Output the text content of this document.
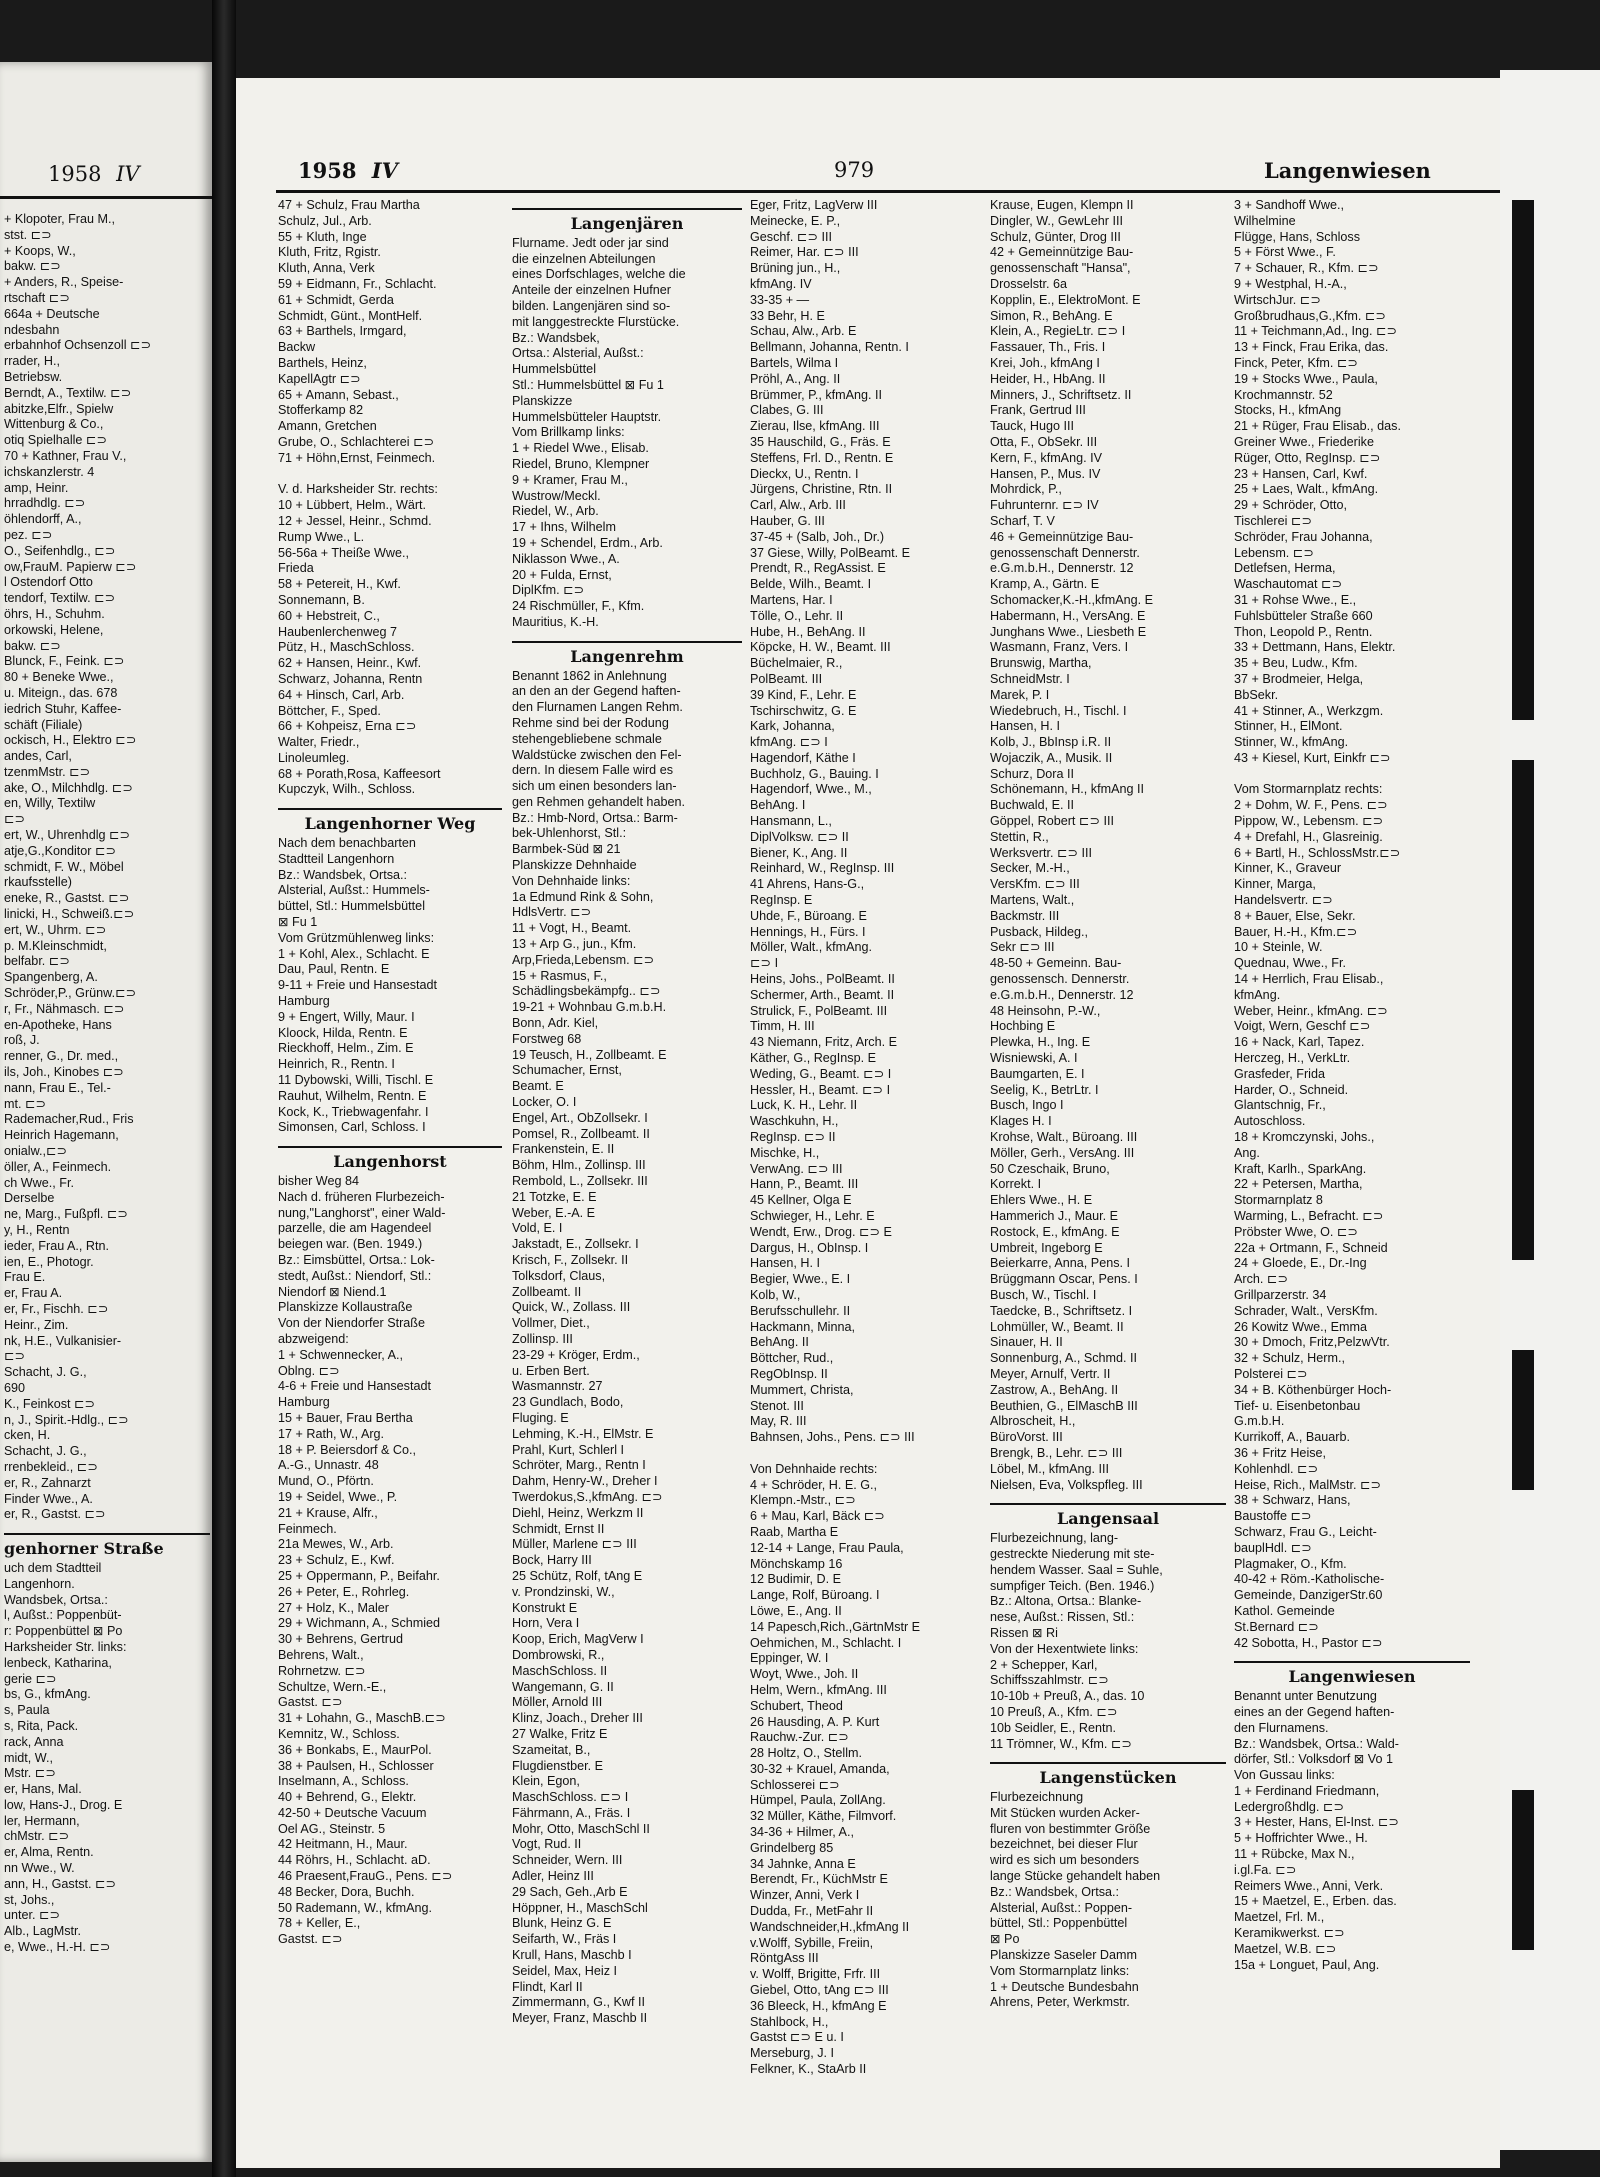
1958 IV
+ Klopoter, Frau M.,
stst. ⊏⊃
+ Koops, W.,
bakw. ⊏⊃
+ Anders, R., Speise-
rtschaft ⊏⊃
664a + Deutsche
ndesbahn
erbahnhof Ochsenzoll ⊏⊃
rrader, H.,
Betriebsw.
Berndt, A., Textilw. ⊏⊃
abitzke,Elfr., Spielw
Wittenburg & Co.,
otiq Spielhalle ⊏⊃
70 + Kathner, Frau V.,
ichskanzlerstr. 4
amp, Heinr.
hrradhdlg. ⊏⊃
öhlendorff, A.,
pez. ⊏⊃
O., Seifenhdlg., ⊏⊃
ow,FrauM. Papierw ⊏⊃
l Ostendorf Otto
tendorf, Textilw. ⊏⊃
öhrs, H., Schuhm.
orkowski, Helene,
bakw. ⊏⊃
Blunck, F., Feink. ⊏⊃
80 + Beneke Wwe.,
u. Miteign., das. 678
iedrich Stuhr, Kaffee-
schäft (Filiale)
ockisch, H., Elektro ⊏⊃
andes, Carl,
tzenmMstr. ⊏⊃
ake, O., Milchhdlg. ⊏⊃
en, Willy, Textilw
⊏⊃
ert, W., Uhrenhdlg ⊏⊃
atje,G.,Konditor ⊏⊃
schmidt, F. W., Möbel
rkaufsstelle)
eneke, R., Gastst. ⊏⊃
linicki, H., Schweiß.⊏⊃
ert, W., Uhrm. ⊏⊃
p. M.Kleinschmidt,
belfabr. ⊏⊃
Spangenberg, A.
Schröder,P., Grünw.⊏⊃
r, Fr., Nähmasch. ⊏⊃
en-Apotheke, Hans
roß, J.
renner, G., Dr. med.,
ils, Joh., Kinobes ⊏⊃
nann, Frau E., Tel.-
mt. ⊏⊃
Rademacher,Rud., Fris
Heinrich Hagemann,
onialw.,⊏⊃
öller, A., Feinmech.
ch Wwe., Fr.
Derselbe
ne, Marg., Fußpfl. ⊏⊃
y, H., Rentn
ieder, Frau A., Rtn.
ien, E., Photogr.
Frau E.
er, Frau A.
er, Fr., Fischh. ⊏⊃
Heinr., Zim.
nk, H.E., Vulkanisier-
⊏⊃
Schacht, J. G.,
690
K., Feinkost ⊏⊃
n, J., Spirit.-Hdlg., ⊏⊃
cken, H.
Schacht, J. G.,
rrenbekleid., ⊏⊃
er, R., Zahnarzt
Finder Wwe., A.
er, R., Gastst. ⊏⊃
genhorner Straße
uch dem Stadtteil
Langenhorn.
Wandsbek, Ortsa.:
l, Außst.: Poppenbüt-
r: Poppenbüttel ⊠ Po
Harksheider Str. links:
lenbeck, Katharina,
gerie ⊏⊃
bs, G., kfmAng.
s, Paula
s, Rita, Pack.
rack, Anna
midt, W.,
Mstr. ⊏⊃
er, Hans, Mal.
low, Hans-J., Drog. E
ler, Hermann,
chMstr. ⊏⊃
er, Alma, Rentn.
nn Wwe., W.
ann, H., Gastst. ⊏⊃
st, Johs.,
unter. ⊏⊃
Alb., LagMstr.
e, Wwe., H.-H. ⊏⊃
1958 IV	979	Langenwiesen
47 + Schulz, Frau Martha
Schulz, Jul., Arb.
55 + Kluth, Inge
Kluth, Fritz, Rgistr.
Kluth, Anna, Verk
59 + Eidmann, Fr., Schlacht.
61 + Schmidt, Gerda
Schmidt, Günt., MontHelf.
63 + Barthels, Irmgard,
Backw
Barthels, Heinz,
KapellAgtr ⊏⊃
65 + Amann, Sebast.,
Stofferkamp 82
Amann, Gretchen
Grube, O., Schlachterei ⊏⊃
71 + Höhn,Ernst, Feinmech.

V. d. Harksheider Str. rechts:
10 + Lübbert, Helm., Wärt.
12 + Jessel, Heinr., Schmd.
Rump Wwe., L.
56-56a + Theiße Wwe.,
Frieda
58 + Petereit, H., Kwf.
Sonnemann, B.
60 + Hebstreit, C.,
Haubenlerchenweg 7
Pütz, H., MaschSchloss.
62 + Hansen, Heinr., Kwf.
Schwarz, Johanna, Rentn
64 + Hinsch, Carl, Arb.
Böttcher, F., Sped.
66 + Kohpeisz, Erna ⊏⊃
Walter, Friedr.,
Linoleumleg.
68 + Porath,Rosa, Kaffeesort
Kupczyk, Wilh., Schloss.
Langenhorner Weg
Nach dem benachbarten
Stadtteil Langenhorn
Bz.: Wandsbek, Ortsa.:
Alsterial, Außst.: Hummels-
büttel, Stl.: Hummelsbüttel
⊠ Fu 1
Vom Grützmühlenweg links:
1 + Kohl, Alex., Schlacht. E
Dau, Paul, Rentn. E
9-11 + Freie und Hansestadt
Hamburg
9 + Engert, Willy, Maur. I
Kloock, Hilda, Rentn. E
Rieckhoff, Helm., Zim. E
Heinrich, R., Rentn. I
11 Dybowski, Willi, Tischl. E
Rauhut, Wilhelm, Rentn. E
Kock, K., Triebwagenfahr. I
Simonsen, Carl, Schloss. I
Langenhorst
bisher Weg 84
Nach d. früheren Flurbezeich-
nung,"Langhorst", einer Wald-
parzelle, die am Hagendeel
beiegen war. (Ben. 1949.)
Bz.: Eimsbüttel, Ortsa.: Lok-
stedt, Außst.: Niendorf, Stl.:
Niendorf ⊠ Niend.1
Planskizze Kollaustraße
Von der Niendorfer Straße
abzweigend:
1 + Schwennecker, A.,
Oblng. ⊏⊃
4-6 + Freie und Hansestadt
Hamburg
15 + Bauer, Frau Bertha
17 + Rath, W., Arg.
18 + P. Beiersdorf & Co.,
A.-G., Unnastr. 48
Mund, O., Pförtn.
19 + Seidel, Wwe., P.
21 + Krause, Alfr.,
Feinmech.
21a Mewes, W., Arb.
23 + Schulz, E., Kwf.
25 + Oppermann, P., Beifahr.
26 + Peter, E., Rohrleg.
27 + Holz, K., Maler
29 + Wichmann, A., Schmied
30 + Behrens, Gertrud
Behrens, Walt.,
Rohrnetzw. ⊏⊃
Schultze, Wern.-E.,
Gastst. ⊏⊃
31 + Lohahn, G., MaschB.⊏⊃
Kemnitz, W., Schloss.
36 + Bonkabs, E., MaurPol.
38 + Paulsen, H., Schlosser
Inselmann, A., Schloss.
40 + Behrend, G., Elektr.
42-50 + Deutsche Vacuum
Oel AG., Steinstr. 5
42 Heitmann, H., Maur.
44 Röhrs, H., Schlacht. aD.
46 Praesent,FrauG., Pens. ⊏⊃
48 Becker, Dora, Buchh.
50 Rademann, W., kfmAng.
78 + Keller, E.,
Gastst. ⊏⊃
Langenjären
Flurname. Jedt oder jar sind
die einzelnen Abteilungen
eines Dorfschlages, welche die
Anteile der einzelnen Hufner
bilden. Langenjären sind so-
mit langgestreckte Flurstücke.
Bz.: Wandsbek,
Ortsa.: Alsterial, Außst.:
Hummelsbüttel
Stl.: Hummelsbüttel ⊠ Fu 1
Planskizze
Hummelsbütteler Hauptstr.
Vom Brillkamp links:
1 + Riedel Wwe., Elisab.
Riedel, Bruno, Klempner
9 + Kramer, Frau M.,
Wustrow/Meckl.
Riedel, W., Arb.
17 + Ihns, Wilhelm
19 + Schendel, Erdm., Arb.
Niklasson Wwe., A.
20 + Fulda, Ernst,
DiplKfm. ⊏⊃
24 Rischmüller, F., Kfm.
Mauritius, K.-H.
Langenrehm
Benannt 1862 in Anlehnung
an den an der Gegend haften-
den Flurnamen Langen Rehm.
Rehme sind bei der Rodung
stehengebliebene schmale
Waldstücke zwischen den Fel-
dern. In diesem Falle wird es
sich um einen besonders lan-
gen Rehmen gehandelt haben.
Bz.: Hmb-Nord, Ortsa.: Barm-
bek-Uhlenhorst, Stl.:
Barmbek-Süd ⊠ 21
Planskizze Dehnhaide
Von Dehnhaide links:
1a Edmund Rink & Sohn,
HdlsVertr. ⊏⊃
11 + Vogt, H., Beamt.
13 + Arp G., jun., Kfm.
Arp,Frieda,Lebensm. ⊏⊃
15 + Rasmus, F.,
Schädlingsbekämpfg.. ⊏⊃
19-21 + Wohnbau G.m.b.H.
Bonn, Adr. Kiel,
Forstweg 68
19 Teusch, H., Zollbeamt. E
Schumacher, Ernst,
Beamt. E
Locker, O. I
Engel, Art., ObZollsekr. I
Pomsel, R., Zollbeamt. II
Frankenstein, E. II
Böhm, Hlm., Zollinsp. III
Rembold, L., Zollsekr. III
21 Totzke, E. E
Weber, E.-A. E
Vold, E. I
Jakstadt, E., Zollsekr. I
Krisch, F., Zollsekr. II
Tolksdorf, Claus,
Zollbeamt. II
Quick, W., Zollass. III
Vollmer, Diet.,
Zollinsp. III
23-29 + Kröger, Erdm.,
u. Erben Bert.
Wasmannstr. 27
23 Gundlach, Bodo,
Fluging. E
Lehming, K.-H., ElMstr. E
Prahl, Kurt, Schlerl I
Schröter, Marg., Rentn I
Dahm, Henry-W., Dreher I
Twerdokus,S.,kfmAng. ⊏⊃
Diehl, Heinz, Werkzm II
Schmidt, Ernst II
Müller, Marlene ⊏⊃ III
Bock, Harry III
25 Schütz, Rolf, tAng E
v. Prondzinski, W.,
Konstrukt E
Horn, Vera I
Koop, Erich, MagVerw I
Dombrowski, R.,
MaschSchloss. II
Wangemann, G. II
Möller, Arnold III
Klinz, Joach., Dreher III
27 Walke, Fritz E
Szameitat, B.,
Flugdienstber. E
Klein, Egon,
MaschSchloss. ⊏⊃ I
Fährmann, A., Fräs. I
Mohr, Otto, MaschSchl II
Vogt, Rud. II
Schneider, Wern. III
Adler, Heinz III
29 Sach, Geh.,Arb E
Höppner, H., MaschSchl
Blunk, Heinz G. E
Seifarth, W., Fräs I
Krull, Hans, Maschb I
Seidel, Max, Heiz I
Flindt, Karl II
Zimmermann, G., Kwf II
Meyer, Franz, Maschb II
Eger, Fritz, LagVerw III
Meinecke, E. P.,
Geschf. ⊏⊃ III
Reimer, Har. ⊏⊃ III
Brüning jun., H.,
kfmAng. IV
33-35 + —
33 Behr, H. E
Schau, Alw., Arb. E
Bellmann, Johanna, Rentn. I
Bartels, Wilma I
Pröhl, A., Ang. II
Brümmer, P., kfmAng. II
Clabes, G. III
Zierau, Ilse, kfmAng. III
35 Hauschild, G., Fräs. E
Steffens, Frl. D., Rentn. E
Dieckx, U., Rentn. I
Jürgens, Christine, Rtn. II
Carl, Alw., Arb. III
Hauber, G. III
37-45 + (Salb, Joh., Dr.)
37 Giese, Willy, PolBeamt. E
Prendt, R., RegAssist. E
Belde, Wilh., Beamt. I
Martens, Har. I
Tölle, O., Lehr. II
Hube, H., BehAng. II
Köpcke, H. W., Beamt. III
Büchelmaier, R.,
PolBeamt. III
39 Kind, F., Lehr. E
Tschirschwitz, G. E
Kark, Johanna,
kfmAng. ⊏⊃ I
Hagendorf, Käthe I
Buchholz, G., Bauing. I
Hagendorf, Wwe., M.,
BehAng. I
Hansmann, L.,
DiplVolksw. ⊏⊃ II
Biener, K., Ang. II
Reinhard, W., RegInsp. III
41 Ahrens, Hans-G.,
RegInsp. E
Uhde, F., Büroang. E
Hennings, H., Fürs. I
Möller, Walt., kfmAng.
⊏⊃ I
Heins, Johs., PolBeamt. II
Schermer, Arth., Beamt. II
Strulick, F., PolBeamt. III
Timm, H. III
43 Niemann, Fritz, Arch. E
Käther, G., RegInsp. E
Weding, G., Beamt. ⊏⊃ I
Hessler, H., Beamt. ⊏⊃ I
Luck, K. H., Lehr. II
Waschkuhn, H.,
RegInsp. ⊏⊃ II
Mischke, H.,
VerwAng. ⊏⊃ III
Hann, P., Beamt. III
45 Kellner, Olga E
Schwieger, H., Lehr. E
Wendt, Erw., Drog. ⊏⊃ E
Dargus, H., ObInsp. I
Hansen, H. I
Begier, Wwe., E. I
Kolb, W.,
Berufsschullehr. II
Hackmann, Minna,
BehAng. II
Böttcher, Rud.,
RegObInsp. II
Mummert, Christa,
Stenot. III
May, R. III
Bahnsen, Johs., Pens. ⊏⊃ III

Von Dehnhaide rechts:
4 + Schröder, H. E. G.,
Klempn.-Mstr., ⊏⊃
6 + Mau, Karl, Bäck ⊏⊃
Raab, Martha E
12-14 + Lange, Frau Paula,
Mönchskamp 16
12 Budimir, D. E
Lange, Rolf, Büroang. I
Löwe, E., Ang. II
14 Papesch,Rich.,GärtnMstr E
Oehmichen, M., Schlacht. I
Eppinger, W. I
Woyt, Wwe., Joh. II
Helm, Wern., kfmAng. III
Schubert, Theod
26 Hausding, A. P. Kurt
Rauchw.-Zur. ⊏⊃
28 Holtz, O., Stellm.
30-32 + Krauel, Amanda,
Schlosserei ⊏⊃
Hümpel, Paula, ZollAng.
32 Müller, Käthe, Filmvorf.
34-36 + Hilmer, A.,
Grindelberg 85
34 Jahnke, Anna E
Berendt, Fr., KüchMstr E
Winzer, Anni, Verk I
Dudda, Fr., MetFahr II
Wandschneider,H.,kfmAng II
v.Wolff, Sybille, Freiin,
RöntgAss III
v. Wolff, Brigitte, Frfr. III
Giebel, Otto, tAng ⊏⊃ III
36 Bleeck, H., kfmAng E
Stahlbock, H.,
Gastst ⊏⊃ E u. I
Merseburg, J. I
Felkner, K., StaArb II
Krause, Eugen, Klempn II
Dingler, W., GewLehr III
Schulz, Günter, Drog III
42 + Gemeinnützige Bau-
genossenschaft "Hansa",
Drosselstr. 6a
Kopplin, E., ElektroMont. E
Simon, R., BehAng. E
Klein, A., RegieLtr. ⊏⊃ I
Fassauer, Th., Fris. I
Krei, Joh., kfmAng I
Heider, H., HbAng. II
Minners, J., Schriftsetz. II
Frank, Gertrud III
Tauck, Hugo III
Otta, F., ObSekr. III
Kern, F., kfmAng. IV
Hansen, P., Mus. IV
Mohrdick, P.,
Fuhrunternr. ⊏⊃ IV
Scharf, T. V
46 + Gemeinnützige Bau-
genossenschaft Dennerstr.
e.G.m.b.H., Dennerstr. 12
Kramp, A., Gärtn. E
Schomacker,K.-H.,kfmAng. E
Habermann, H., VersAng. E
Junghans Wwe., Liesbeth E
Wasmann, Franz, Vers. I
Brunswig, Martha,
SchneidMstr. I
Marek, P. I
Wiedebruch, H., Tischl. I
Hansen, H. I
Kolb, J., BbInsp i.R. II
Wojaczik, A., Musik. II
Schurz, Dora II
Schönemann, H., kfmAng II
Buchwald, E. II
Göppel, Robert ⊏⊃ III
Stettin, R.,
Werksvertr. ⊏⊃ III
Secker, M.-H.,
VersKfm. ⊏⊃ III
Martens, Walt.,
Backmstr. III
Pusback, Hildeg.,
Sekr ⊏⊃ III
48-50 + Gemeinn. Bau-
genossensch. Dennerstr.
e.G.m.b.H., Dennerstr. 12
48 Heinsohn, P.-W.,
Hochbing E
Plewka, H., Ing. E
Wisniewski, A. I
Baumgarten, E. I
Seelig, K., BetrLtr. I
Busch, Ingo I
Klages H. I
Krohse, Walt., Büroang. III
Möller, Gerh., VersAng. III
50 Czeschaik, Bruno,
Korrekt. I
Ehlers Wwe., H. E
Hammerich J., Maur. E
Rostock, E., kfmAng. E
Umbreit, Ingeborg E
Beierkarre, Anna, Pens. I
Brüggmann Oscar, Pens. I
Busch, W., Tischl. I
Taedcke, B., Schriftsetz. I
Lohmüller, W., Beamt. II
Sinauer, H. II
Sonnenburg, A., Schmd. II
Meyer, Arnulf, Vertr. II
Zastrow, A., BehAng. II
Beuthien, G., ElMaschB III
Albroscheit, H.,
BüroVorst. III
Brengk, B., Lehr. ⊏⊃ III
Löbel, M., kfmAng. III
Nielsen, Eva, Volkspfleg. III
Langensaal
Flurbezeichnung, lang-
gestreckte Niederung mit ste-
hendem Wasser. Saal = Suhle,
sumpfiger Teich. (Ben. 1946.)
Bz.: Altona, Ortsa.: Blanke-
nese, Außst.: Rissen, Stl.:
Rissen ⊠ Ri
Von der Hexentwiete links:
2 + Schepper, Karl,
Schiffsszahlmstr. ⊏⊃
10-10b + Preuß, A., das. 10
10 Preuß, A., Kfm. ⊏⊃
10b Seidler, E., Rentn.
11 Trömner, W., Kfm. ⊏⊃
Langenstücken
Flurbezeichnung
Mit Stücken wurden Acker-
fluren von bestimmter Größe
bezeichnet, bei dieser Flur
wird es sich um besonders
lange Stücke gehandelt haben
Bz.: Wandsbek, Ortsa.:
Alsterial, Außst.: Poppen-
büttel, Stl.: Poppenbüttel
⊠ Po
Planskizze Saseler Damm
Vom Stormarnplatz links:
1 + Deutsche Bundesbahn
Ahrens, Peter, Werkmstr.
3 + Sandhoff Wwe.,
Wilhelmine
Flügge, Hans, Schloss
5 + Först Wwe., F.
7 + Schauer, R., Kfm. ⊏⊃
9 + Westphal, H.-A.,
WirtschJur. ⊏⊃
Großbrudhaus,G.,Kfm. ⊏⊃
11 + Teichmann,Ad., Ing. ⊏⊃
13 + Finck, Frau Erika, das.
Finck, Peter, Kfm. ⊏⊃
19 + Stocks Wwe., Paula,
Krochmannstr. 52
Stocks, H., kfmAng
21 + Rüger, Frau Elisab., das.
Greiner Wwe., Friederike
Rüger, Otto, RegInsp. ⊏⊃
23 + Hansen, Carl, Kwf.
25 + Laes, Walt., kfmAng.
29 + Schröder, Otto,
Tischlerei ⊏⊃
Schröder, Frau Johanna,
Lebensm. ⊏⊃
Detlefsen, Herma,
Waschautomat ⊏⊃
31 + Rohse Wwe., E.,
Fuhlsbütteler Straße 660
Thon, Leopold P., Rentn.
33 + Dettmann, Hans, Elektr.
35 + Beu, Ludw., Kfm.
37 + Brodmeier, Helga,
BbSekr.
41 + Stinner, A., Werkzgm.
Stinner, H., ElMont.
Stinner, W., kfmAng.
43 + Kiesel, Kurt, Einkfr ⊏⊃

Vom Stormarnplatz rechts:
2 + Dohm, W. F., Pens. ⊏⊃
Pippow, W., Lebensm. ⊏⊃
4 + Drefahl, H., Glasreinig.
6 + Bartl, H., SchlossMstr.⊏⊃
Kinner, K., Graveur
Kinner, Marga,
Handelsvertr. ⊏⊃
8 + Bauer, Else, Sekr.
Bauer, H.-H., Kfm.⊏⊃
10 + Steinle, W.
Quednau, Wwe., Fr.
14 + Herrlich, Frau Elisab.,
kfmAng.
Weber, Heinr., kfmAng. ⊏⊃
Voigt, Wern, Geschf ⊏⊃
16 + Nack, Karl, Tapez.
Herczeg, H., VerkLtr.
Grasfeder, Frida
Harder, O., Schneid.
Glantschnig, Fr.,
Autoschloss.
18 + Kromczynski, Johs.,
Ang.
Kraft, Karlh., SparkAng.
22 + Petersen, Martha,
Stormarnplatz 8
Warming, L., Befracht. ⊏⊃
Pröbster Wwe, O. ⊏⊃
22a + Ortmann, F., Schneid
24 + Gloede, E., Dr.-Ing
Arch. ⊏⊃
Grillparzerstr. 34
Schrader, Walt., VersKfm.
26 Kowitz Wwe., Emma
30 + Dmoch, Fritz,PelzwVtr.
32 + Schulz, Herm.,
Polsterei ⊏⊃
34 + B. Köthenbürger Hoch-
Tief- u. Eisenbetonbau
G.m.b.H.
Kurrikoff, A., Bauarb.
36 + Fritz Heise,
Kohlenhdl. ⊏⊃
Heise, Rich., MalMstr. ⊏⊃
38 + Schwarz, Hans,
Baustoffe ⊏⊃
Schwarz, Frau G., Leicht-
bauplHdl. ⊏⊃
Plagmaker, O., Kfm.
40-42 + Röm.-Katholische-
Gemeinde, DanzigerStr.60
Kathol. Gemeinde
St.Bernard ⊏⊃
42 Sobotta, H., Pastor ⊏⊃
Langenwiesen
Benannt unter Benutzung
eines an der Gegend haften-
den Flurnamens.
Bz.: Wandsbek, Ortsa.: Wald-
dörfer, Stl.: Volksdorf ⊠ Vo 1
Von Gussau links:
1 + Ferdinand Friedmann,
Ledergroßhdlg. ⊏⊃
3 + Hester, Hans, El-Inst. ⊏⊃
5 + Hoffrichter Wwe., H.
11 + Rübcke, Max N.,
i.gl.Fa. ⊏⊃
Reimers Wwe., Anni, Verk.
15 + Maetzel, E., Erben. das.
Maetzel, Frl. M.,
Keramikwerkst. ⊏⊃
Maetzel, W.B. ⊏⊃
15a + Longuet, Paul, Ang.
